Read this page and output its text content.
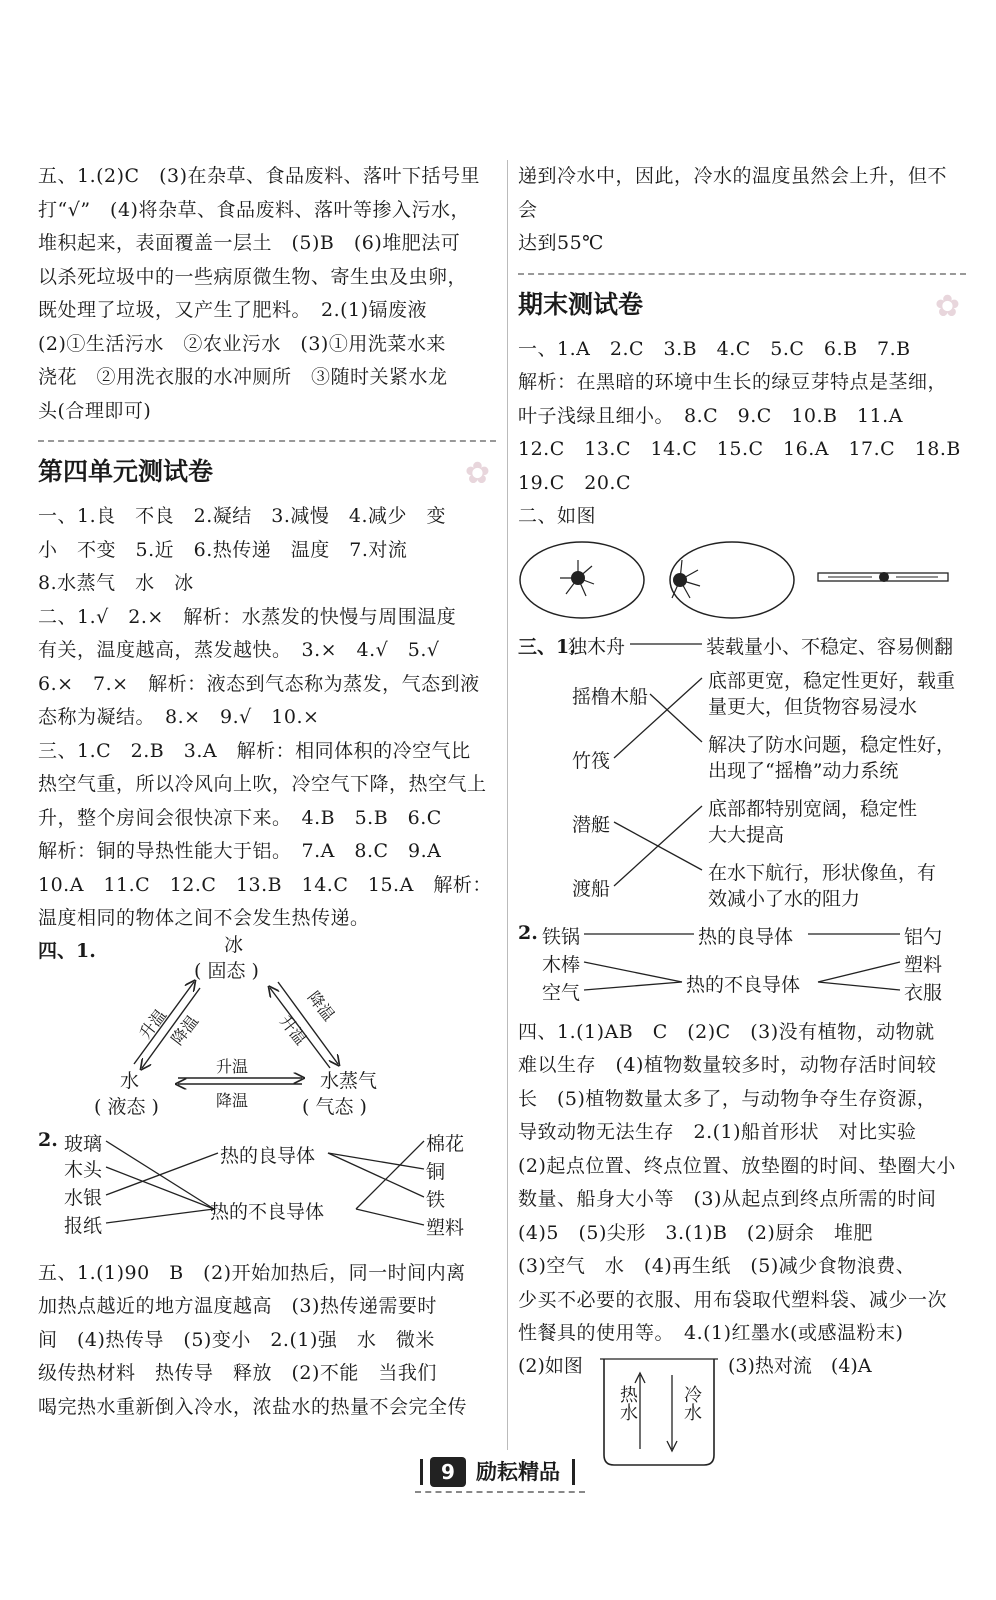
五、1.(2)C　(3)在杂草、食品废料、落叶下括号里

打“√”　(4)将杂草、食品废料、落叶等掺入污水，

堆积起来，表面覆盖一层土　(5)B　(6)堆肥法可

以杀死垃圾中的一些病原微生物、寄生虫及虫卵，

既处理了垃圾，又产生了肥料。　2.(1)镉废液

(2)①生活污水　②农业污水　(3)①用洗菜水来

浇花　②用洗衣服的水冲厕所　③随时关紧水龙

头(合理即可)

第四单元测试卷	✿

一、1.良　不良　2.凝结　3.减慢　4.减少　变

小　不变　5.近　6.热传递　温度　7.对流

8.水蒸气　水　冰

二、1.√　2.×　解析：水蒸发的快慢与周围温度

有关，温度越高，蒸发越快。　3.×　4.√　5.√

6.×　7.×　解析：液态到气态称为蒸发，气态到液

态称为凝结。　8.×　9.√　10.×

三、1.C　2.B　3.A　解析：相同体积的冷空气比

热空气重，所以冷风向上吹，冷空气下降，热空气上

升，整个房间会很快凉下来。　4.B　5.B　6.C

解析：铜的导热性能大于铝。　7.A　8.C　9.A

10.A　11.C　12.C　13.B　14.C　15.A　解析：

温度相同的物体之间不会发生热传递。

四、1.	冰
( 固态 )
水
( 液态 )
水蒸气
( 气态 )
升温
降温
升温
降温
降温
升温
2. 玻璃
木头
水银
报纸
热的良导体
热的不良导体
棉花
铜
铁
塑料

五、1.(1)90　B　(2)开始加热后，同一时间内离

加热点越近的地方温度越高　(3)热传递需要时

间　(4)热传导　(5)变小　2.(1)强　水　微米

级传热材料　热传导　释放　(2)不能　当我们

喝完热水重新倒入冷水，浓盐水的热量不会完全传

递到冷水中，因此，冷水的温度虽然会上升，但不会

达到55℃

期末测试卷	✿

一、1.A　2.C　3.B　4.C　5.C　6.B　7.B

解析：在黑暗的环境中生长的绿豆芽特点是茎细，

叶子浅绿且细小。　8.C　9.C　10.B　11.A

12.C　13.C　14.C　15.C　16.A　17.C　18.B

19.C　20.C

二、如图

三、1.
独木舟	装载量小、不稳定、容易侧翻
摇橹木船
底部更宽，稳定性更好，载重
量更大，但货物容易浸水
竹筏
解决了防水问题，稳定性好，
出现了“摇橹”动力系统
潜艇
底部都特别宽阔，稳定性
大大提高
渡船
在水下航行，形状像鱼，有
效减小了水的阻力
2. 铁锅
木棒
空气
热的良导体
热的不良导体
铝勺
塑料
衣服

四、1.(1)AB　C　(2)C　(3)没有植物，动物就

难以生存　(4)植物数量较多时，动物存活时间较

长　(5)植物数量太多了，与动物争夺生存资源，

导致动物无法生存　2.(1)船首形状　对比实验

(2)起点位置、终点位置、放垫圈的时间、垫圈大小

数量、船身大小等　(3)从起点到终点所需的时间

(4)5　(5)尖形　3.(1)B　(2)厨余　堆肥

(3)空气　水　(4)再生纸　(5)减少食物浪费、

少买不必要的衣服、用布袋取代塑料袋、减少一次

性餐具的使用等。　4.(1)红墨水(或感温粉末)

(2)如图	(3)热对流　(4)A
热水 冷水
9	励耘精品
